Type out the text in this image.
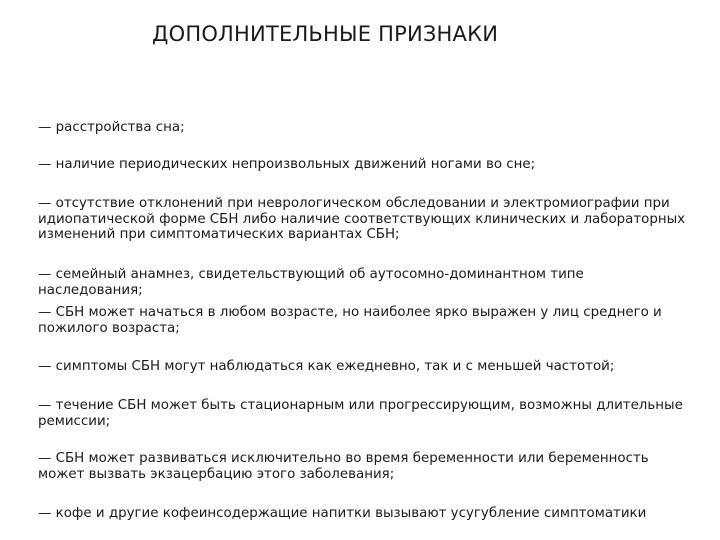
ДОПОЛНИТЕЛЬНЫЕ ПРИЗНАКИ
— расстройства сна;
— наличие периодических непроизвольных движений ногами во сне;
— отсутствие отклонений при неврологическом обследовании и электромиографии при идиопатической форме СБН либо наличие соответствующих клинических и лабораторных изменений при симптоматических вариантах СБН;
— семейный анамнез, свидетельствующий об аутосомно-доминантном типе наследования;
— СБН может начаться в любом возрасте, но наиболее ярко выражен у лиц среднего и пожилого возраста;
— симптомы СБН могут наблюдаться как ежедневно, так и с меньшей частотой;
— течение СБН может быть стационарным или прогрессирующим, возможны длительные ремиссии;
— СБН может развиваться исключительно во время беременности или беременность может вызвать экзацербацию этого заболевания;
— кофе и другие кофеинсодержащие напитки вызывают усугубление симптоматики
